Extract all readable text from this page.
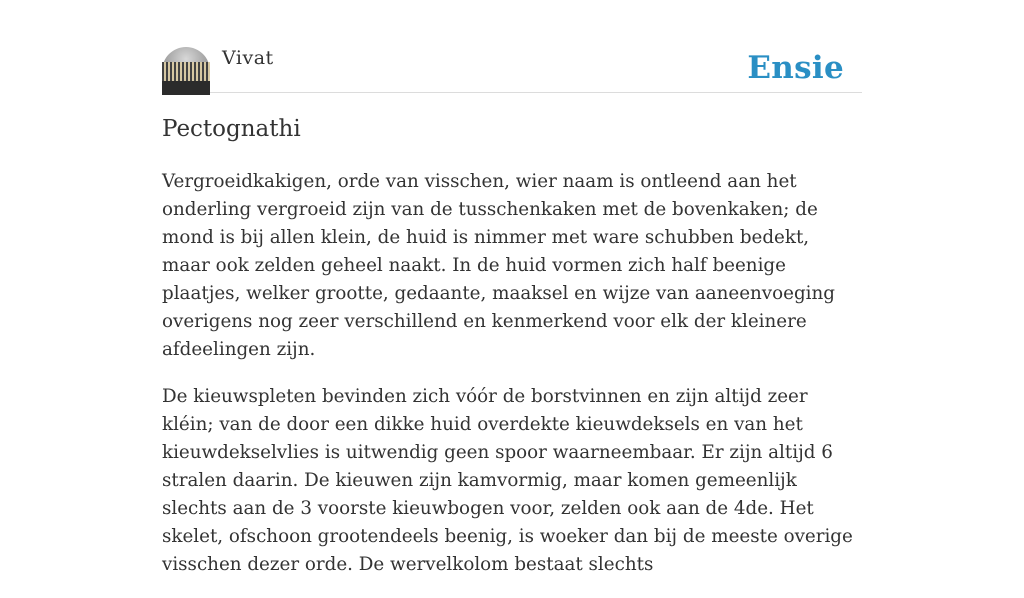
Vivat	Ensie
Pectognathi

Vergroeidkakigen, orde van visschen, wier naam is ontleend aan het onderling vergroeid zijn van de tusschenkaken met de bovenkaken; de mond is bij allen klein, de huid is nimmer met ware schubben bedekt, maar ook zelden geheel naakt. In de huid vormen zich half beenige plaatjes, welker grootte, gedaante, maaksel en wijze van aaneenvoeging overigens nog zeer verschillend en kenmerkend voor elk der kleinere afdeelingen zijn.

De kieuwspleten bevinden zich vóór de borstvinnen en zijn altijd zeer kléin; van de door een dikke huid overdekte kieuwdeksels en van het kieuwdekselvlies is uitwendig geen spoor waarneembaar. Er zijn altijd 6 stralen daarin. De kieuwen zijn kamvormig, maar komen gemeenlijk slechts aan de 3 voorste kieuwbogen voor, zelden ook aan de 4de. Het skelet, ofschoon grootendeels beenig, is woeker dan bij de meeste overige visschen dezer orde. De wervelkolom bestaat slechts
